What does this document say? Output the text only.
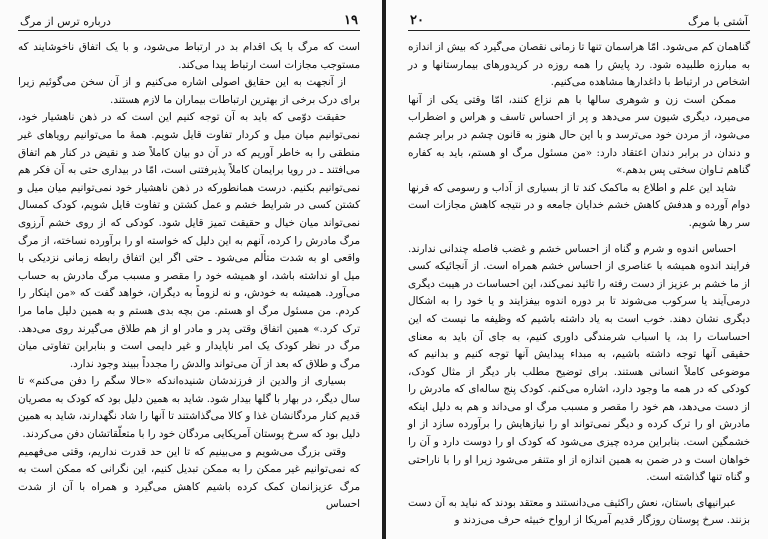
۱۹
درباره ترس از مرگ

است که مرگ با یک اقدام بد در ارتباط می‌شود، و با یک اتفاق ناخوشایند که مستوجب مجازات است ارتباط پیدا می‌کند.

از آنجهت به این حقایق اصولی اشاره می‌کنیم و از آن سخن می‌گوئیم زیرا برای درک برخی از بهترین ارتباطات بیماران ما لازم هستند.

حقیقت دوّمی که باید به آن توجه کنیم این است که در ذهن ناهشیار خود، نمی‌توانیم میان میل و کردار تفاوت قایل شویم. همهٔ ما می‌توانیم رویاهای غیر منطقی را به خاطر آوریم که در آن دو بیان کاملاً ضد و نقیض در کنار هم اتفاق می‌افتند ـ در رویا برایمان کاملاً پذیرفتنی است، امّا در بیداری حتی به آن فکر هم نمی‌توانیم بکنیم. درست همانطورکه در ذهن ناهشیار خود نمی‌توانیم میان میل و کشتن کسی در شرایط خشم و عمل کشتن و تفاوت قایل شویم، کودک کمسال نمی‌تواند میان خیال و حقیقت تمیز قایل شود. کودکی که از روی خشم آرزوی مرگ مادرش را کرده، آنهم به این دلیل که خواسته او را برآورده نساخته، از مرگ واقعی او به شدت متألم می‌شود ـ حتی اگر این اتفاق رابطه زمانی نزدیکی با میل او نداشته باشد، او همیشه خود را مقصر و مسبب مرگ مادرش به حساب می‌آورد. همیشه به خودش، و نه لزوماً به دیگران، خواهد گفت که «من اینکار را کردم. من مسئول مرگ او هستم. من بچه بدی هستم و به همین دلیل ماما مرا ترک کرد.» همین اتفاق وقتی پدر و مادر او از هم طلاق می‌گیرند روی می‌دهد. مرگ در نظر کودک یک امر ناپایدار و غیر دایمی است و بنابراین تفاوتی میان مرگ و طلاق که بعد از آن می‌تواند والدش را مجدداً ببیند وجود ندارد.

بسیاری از والدین از فرزندشان شنیده‌اندکه «حالا سگم را دفن می‌کنم» تا سال دیگر، در بهار با گلها بیدار شود. شاید به همین دلیل بود که کودک به مصریان قدیم کنار مردگانشان غذا و کالا می‌گذاشتند تا آنها را شاد نگهدارند، شاید به همین دلیل بود که سرخ پوستان آمریکایی مردگان خود را با متعلّقاتشان دفن می‌کردند.

وقتی بزرگ می‌شویم و می‌بینیم که تا این حد قدرت نداریم، وقتی می‌فهمیم که نمی‌توانیم غیر ممکن را به ممکن تبدیل کنیم، این نگرانی که ممکن است به مرگ عزیزانمان کمک کرده باشیم کاهش می‌گیرد و همراه با آن از شدت احساس

آشتی با مرگ
۲۰

گناهمان کم می‌شود. امّا هراسمان تنها تا زمانی نقصان می‌گیرد که بیش از اندازه به مبارزه طلبیده شود. رد پایش را همه روزه در کریدورهای بیمارستانها و در اشخاص در ارتباط با داغدارها مشاهده می‌کنیم.

ممکن است زن و شوهری سالها با هم نزاع کنند، امّا وقتی یکی از آنها می‌میرد، دیگری شیون سر می‌دهد و پر از احساس تاسف و هراس و اضطراب می‌شود، از مردن خود می‌ترسد و با این حال هنوز به قانون چشم در برابر چشم و دندان در برابر دندان اعتقاد دارد: «من مسئول مرگ او هستم، باید به کفاره گناهم تـاوان سختی پس بدهم.»

شاید این علم و اطلاع به ماکمک کند تا از بسیاری از آداب و رسومی که قرنها دوام آورده و هدفش کاهش خشم خدایان جامعه و در نتیجه کاهش مجازات است سر رها شویم.

احساس اندوه و شرم و گناه از احساس خشم و غضب فاصله چندانی ندارند. فرایند اندوه همیشه با عناصری از احساس خشم همراه است. از آنجائیکه کسی از ما خشم بر عزیز از دست رفته را تائید نمی‌کند، این احساسات در هیبت دیگری درمی‌آیند یا سرکوب می‌شوند تا بر دوره اندوه بیفزایند و یا خود را به اشکال دیگری نشان دهند. خوب است به یاد داشته باشیم که وظیفه ما نیست که این احساسات را بد، یا اسباب شرمندگی داوری کنیم، به جای آن باید به معنای حقیقی آنها توجه داشته باشیم، به مبداء پیدایش آنها توجه کنیم و بدانیم که موضوعی کاملاً انسانی هستند. برای توضیح مطلب بار دیگر از مثال کودک، کودکی که در همه ما وجود دارد، اشاره می‌کنم. کودک پنج ساله‌ای که مادرش را از دست می‌دهد، هم خود را مقصر و مسبب مرگ او می‌داند و هم به دلیل اینکه مادرش او را ترک کرده و دیگر نمی‌تواند او را نیازهایش را برآورده سازد از او خشمگین است. بنابراین مرده چیزی می‌شود که کودک او را دوست دارد و آن را خواهان است و در ضمن به همین اندازه از او متنفر می‌شود زیرا او را با ناراحتی و گناه تنها گذاشته است.

عبرانیهای باستان، نعش راکثیف می‌دانستند و معتقد بودند که نباید به آن دست بزنند. سرخ پوستان روزگار قدیم آمریکا از ارواح خبیثه حرف می‌زدند و
